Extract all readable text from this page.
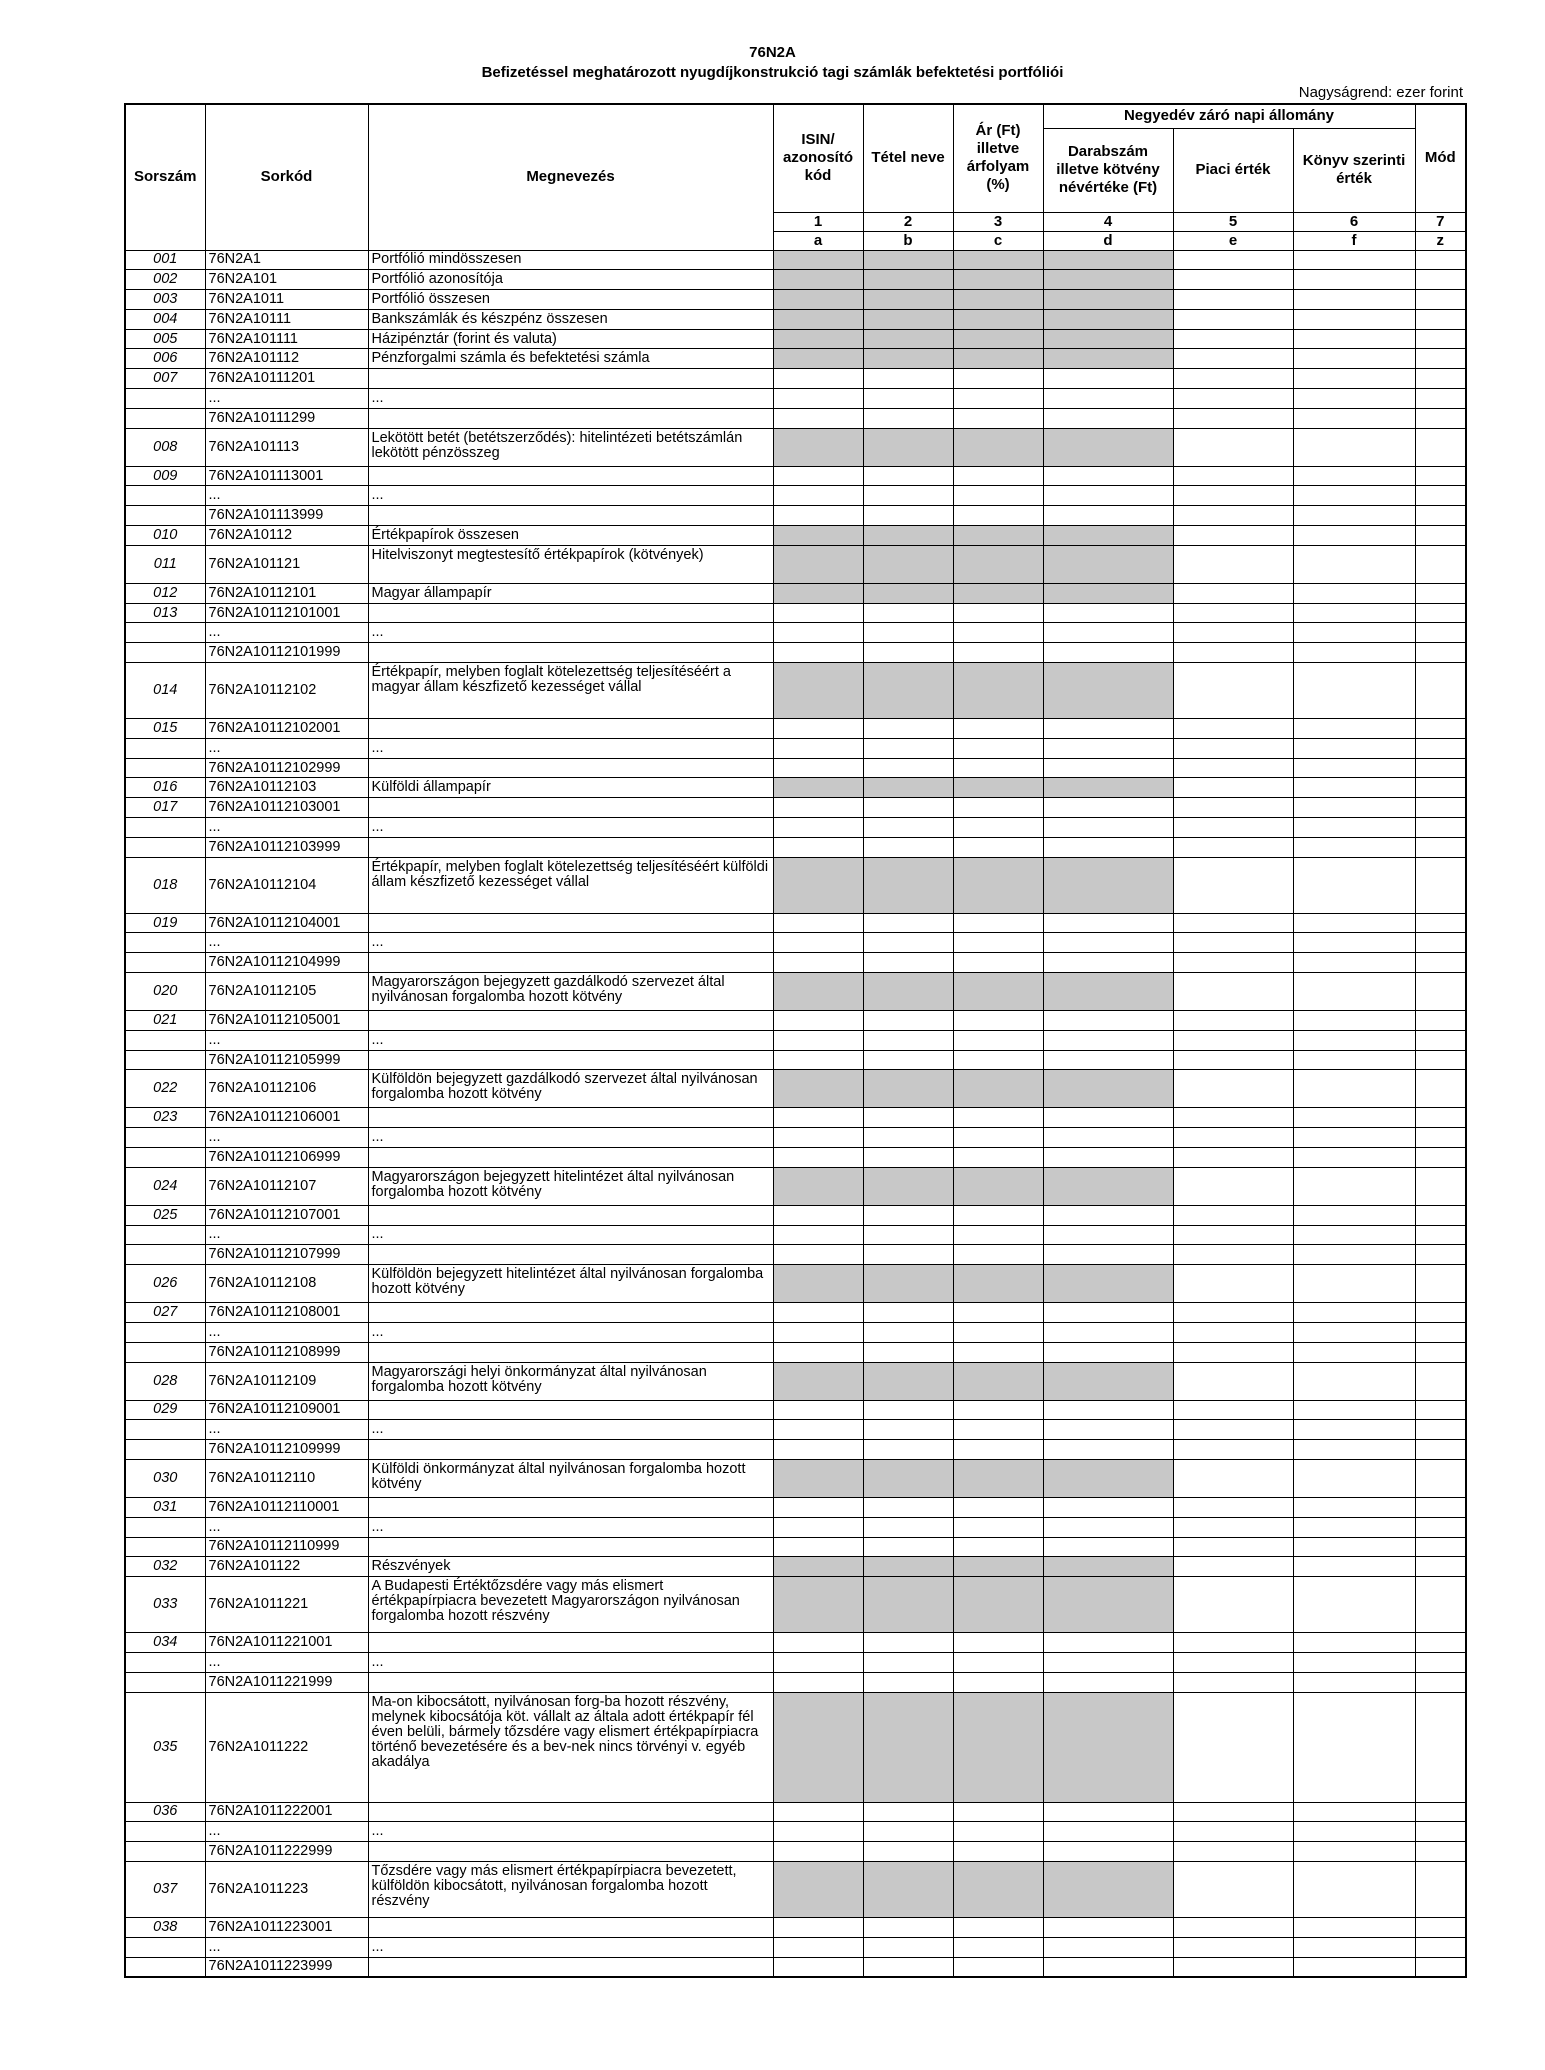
76N2A
Befizetéssel meghatározott nyugdíjkonstrukció tagi számlák befektetési portfóliói
Nagyságrend: ezer forint
Sorszám	Sorkód	Megnevezés	ISIN/ azonosító kód	Tétel neve	Ár (Ft) illetve árfolyam (%)	Negyedév záró napi állomány			Mód
						Darabszám illetve kötvény névértéke (Ft)	Piaci érték	Könyv szerinti érték	
			1	2	3	4	5	6	7
			a	b	c	d	e	f	z
001	76N2A1	Portfólió mindösszesen							
002	76N2A101	Portfólió azonosítója							
003	76N2A1011	Portfólió összesen							
004	76N2A10111	Bankszámlák és készpénz összesen							
005	76N2A101111	Házipénztár (forint és valuta)							
006	76N2A101112	Pénzforgalmi számla és befektetési számla							
007	76N2A10111201								
	...	...							
	76N2A10111299								
008	76N2A101113	Lekötött betét (betétszerződés): hitelintézeti betétszámlán lekötött pénzösszeg							
009	76N2A101113001								
	...	...							
	76N2A101113999								
010	76N2A10112	Értékpapírok összesen							
011	76N2A101121	Hitelviszonyt megtestesítő értékpapírok (kötvények)							
012	76N2A10112101	Magyar állampapír							
013	76N2A10112101001								
	...	...							
	76N2A10112101999								
014	76N2A10112102	Értékpapír, melyben foglalt kötelezettség teljesítéséért a magyar állam készfizető kezességet vállal							
015	76N2A10112102001								
	...	...							
	76N2A10112102999								
016	76N2A10112103	Külföldi állampapír							
017	76N2A10112103001								
	...	...							
	76N2A10112103999								
018	76N2A10112104	Értékpapír, melyben foglalt kötelezettség teljesítéséért külföldi állam készfizető kezességet vállal							
019	76N2A10112104001								
	...	...							
	76N2A10112104999								
020	76N2A10112105	Magyarországon bejegyzett gazdálkodó szervezet által nyilvánosan forgalomba hozott kötvény							
021	76N2A10112105001								
	...	...							
	76N2A10112105999								
022	76N2A10112106	Külföldön bejegyzett gazdálkodó szervezet által nyilvánosan forgalomba hozott kötvény							
023	76N2A10112106001								
	...	...							
	76N2A10112106999								
024	76N2A10112107	Magyarországon bejegyzett hitelintézet által nyilvánosan forgalomba hozott kötvény							
025	76N2A10112107001								
	...	...							
	76N2A10112107999								
026	76N2A10112108	Külföldön bejegyzett hitelintézet által nyilvánosan forgalomba hozott kötvény							
027	76N2A10112108001								
	...	...							
	76N2A10112108999								
028	76N2A10112109	Magyarországi helyi önkormányzat által nyilvánosan forgalomba hozott kötvény							
029	76N2A10112109001								
	...	...							
	76N2A10112109999								
030	76N2A10112110	Külföldi önkormányzat által nyilvánosan forgalomba hozott kötvény							
031	76N2A10112110001								
	...	...							
	76N2A10112110999								
032	76N2A101122	Részvények							
033	76N2A1011221	A Budapesti Értéktőzsdére vagy más elismert értékpapírpiacra bevezetett Magyarországon nyilvánosan forgalomba hozott részvény							
034	76N2A1011221001								
	...	...							
	76N2A1011221999								
035	76N2A1011222	Ma-on kibocsátott, nyilvánosan forg-ba hozott részvény, melynek kibocsátója köt. vállalt az általa adott értékpapír fél éven belüli, bármely tőzsdére vagy elismert értékpapírpiacra történő bevezetésére és a bev-nek nincs törvényi v. egyéb akadálya							
036	76N2A1011222001								
	...	...							
	76N2A1011222999								
037	76N2A1011223	Tőzsdére vagy más elismert értékpapírpiacra bevezetett, külföldön kibocsátott, nyilvánosan forgalomba hozott részvény							
038	76N2A1011223001								
	...	...							
	76N2A1011223999								
